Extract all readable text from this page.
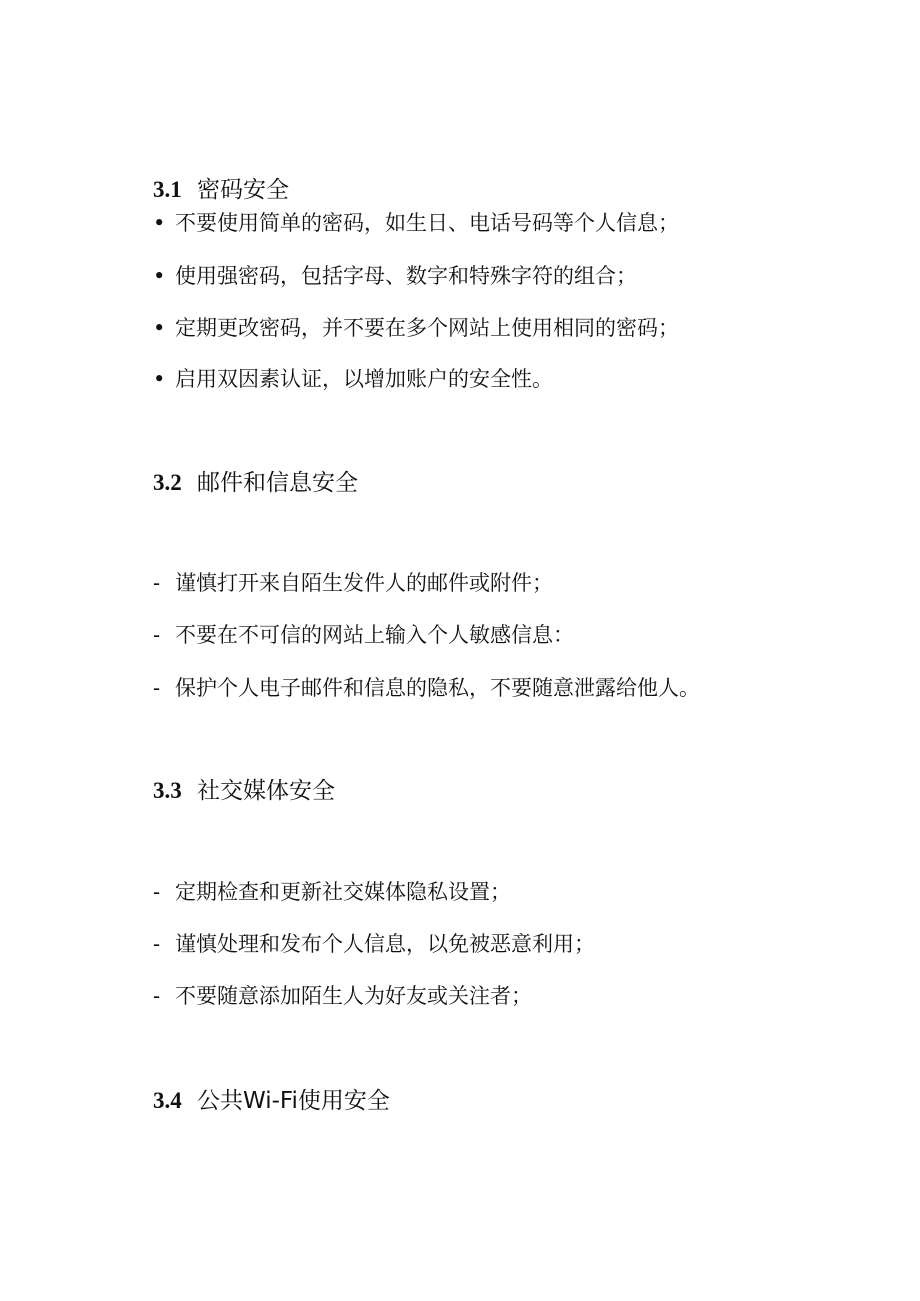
3.1 密码安全
• 不要使用简单的密码，如生日、电话号码等个人信息；
• 使用强密码，包括字母、数字和特殊字符的组合；
• 定期更改密码，并不要在多个网站上使用相同的密码；
• 启用双因素认证，以增加账户的安全性。
3.2 邮件和信息安全
- 谨慎打开来自陌生发件人的邮件或附件；
- 不要在不可信的网站上输入个人敏感信息：
- 保护个人电子邮件和信息的隐私，不要随意泄露给他人。
3.3 社交媒体安全
- 定期检查和更新社交媒体隐私设置；
- 谨慎处理和发布个人信息，以免被恶意利用；
- 不要随意添加陌生人为好友或关注者；
3.4 公共Wi-Fi使用安全
